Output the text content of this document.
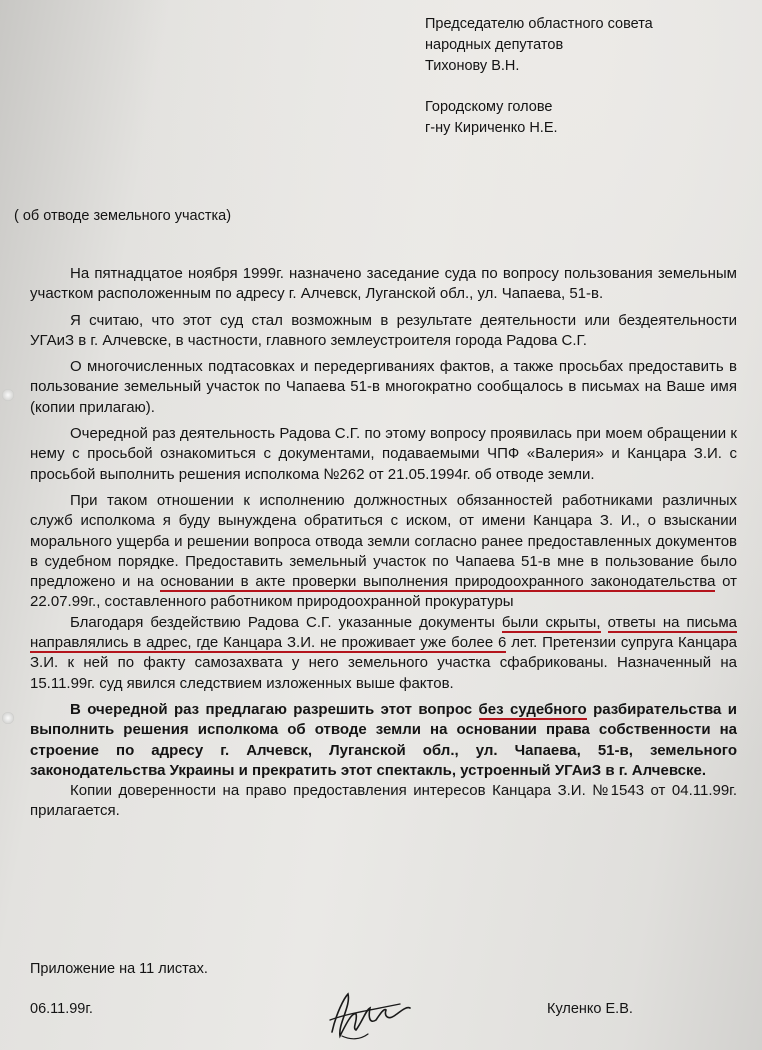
Председателю областного совета
народных депутатов
Тихонову В.Н.
Городскому голове
г-ну Кириченко Н.Е.
( об отводе земельного участка)

На пятнадцатое ноября 1999г. назначено заседание суда по вопросу пользования земельным участком расположенным по адресу г. Алчевск, Луганской обл., ул. Чапаева, 51-в.

Я считаю, что этот суд стал возможным в результате деятельности или бездеятельности УГАиЗ в г. Алчевске, в частности, главного землеустроителя города Радова С.Г.

О многочисленных подтасовках и передергиваниях фактов, а также просьбах предоставить в пользование земельный участок по Чапаева 51-в многократно сообщалось в письмах на Ваше имя (копии прилагаю).

Очередной раз деятельность Радова С.Г. по этому вопросу проявилась при моем обращении к нему с просьбой ознакомиться с документами, подаваемыми ЧПФ «Валерия» и Канцара З.И. с просьбой выполнить решения исполкома №262 от 21.05.1994г. об отводе земли.

При таком отношении к исполнению должностных обязанностей работниками различных служб исполкома я буду вынуждена обратиться с иском, от имени Канцара З. И., о взыскании морального ущерба и решении вопроса отвода земли согласно ранее предоставленных документов в судебном порядке. Предоставить земельный участок по Чапаева 51-в мне в пользование было предложено и на основании в акте проверки выполнения природоохранного законодательства от 22.07.99г., составленного работником природоохранной прокуратуры

Благодаря бездействию Радова С.Г. указанные документы были скрыты, ответы на письма направлялись в адрес, где Канцара З.И. не проживает уже более 6 лет. Претензии супруга Канцара З.И. к ней по факту самозахвата у него земельного участка сфабрикованы. Назначенный на 15.11.99г. суд явился следствием изложенных выше фактов.

В очередной раз предлагаю разрешить этот вопрос без судебного разбирательства и выполнить решения исполкома об отводе земли на основании права собственности на строение по адресу г. Алчевск, Луганской обл., ул. Чапаева, 51-в, земельного законодательства Украины и прекратить этот спектакль, устроенный УГАиЗ в г. Алчевске.

Копии доверенности на право предоставления интересов Канцара З.И. №1543 от 04.11.99г. прилагается.

Приложение на 11 листах.
06.11.99г.	Куленко Е.В.
